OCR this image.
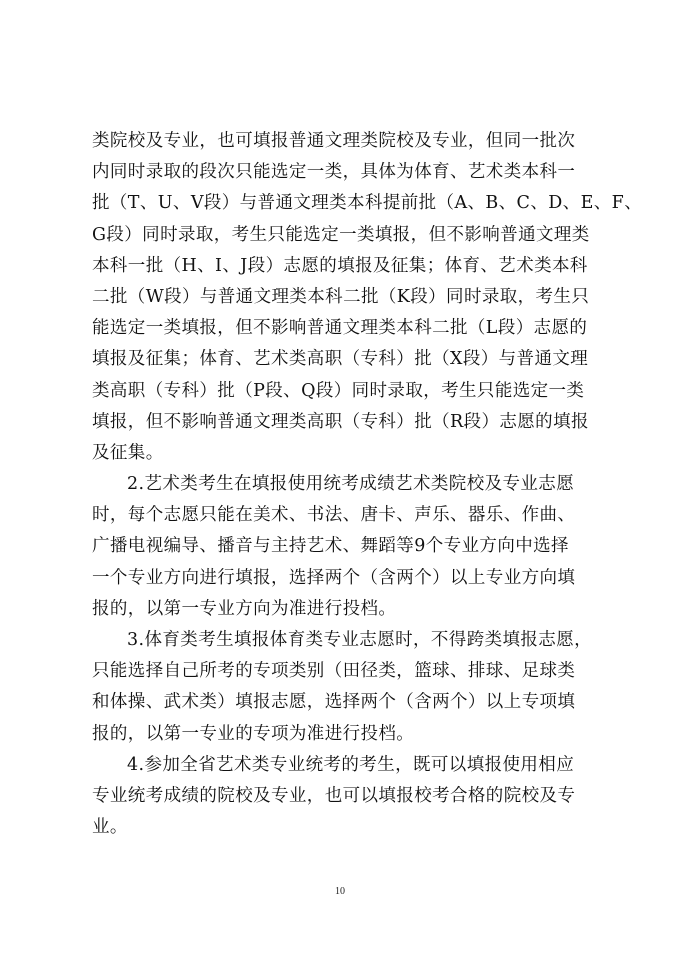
类院校及专业，也可填报普通文理类院校及专业，但同一批次
内同时录取的段次只能选定一类，具体为体育、艺术类本科一
批（T、U、V段）与普通文理类本科提前批（A、B、C、D、E、F、
G段）同时录取，考生只能选定一类填报，但不影响普通文理类
本科一批（H、I、J段）志愿的填报及征集；体育、艺术类本科
二批（W段）与普通文理类本科二批（K段）同时录取，考生只
能选定一类填报，但不影响普通文理类本科二批（L段）志愿的
填报及征集；体育、艺术类高职（专科）批（X段）与普通文理
类高职（专科）批（P段、Q段）同时录取，考生只能选定一类
填报，但不影响普通文理类高职（专科）批（R段）志愿的填报
及征集。
2.艺术类考生在填报使用统考成绩艺术类院校及专业志愿
时，每个志愿只能在美术、书法、唐卡、声乐、器乐、作曲、
广播电视编导、播音与主持艺术、舞蹈等9个专业方向中选择
一个专业方向进行填报，选择两个（含两个）以上专业方向填
报的，以第一专业方向为准进行投档。
3.体育类考生填报体育类专业志愿时，不得跨类填报志愿，
只能选择自己所考的专项类别（田径类，篮球、排球、足球类
和体操、武术类）填报志愿，选择两个（含两个）以上专项填
报的，以第一专业的专项为准进行投档。
4.参加全省艺术类专业统考的考生，既可以填报使用相应
专业统考成绩的院校及专业，也可以填报校考合格的院校及专
业。
10
